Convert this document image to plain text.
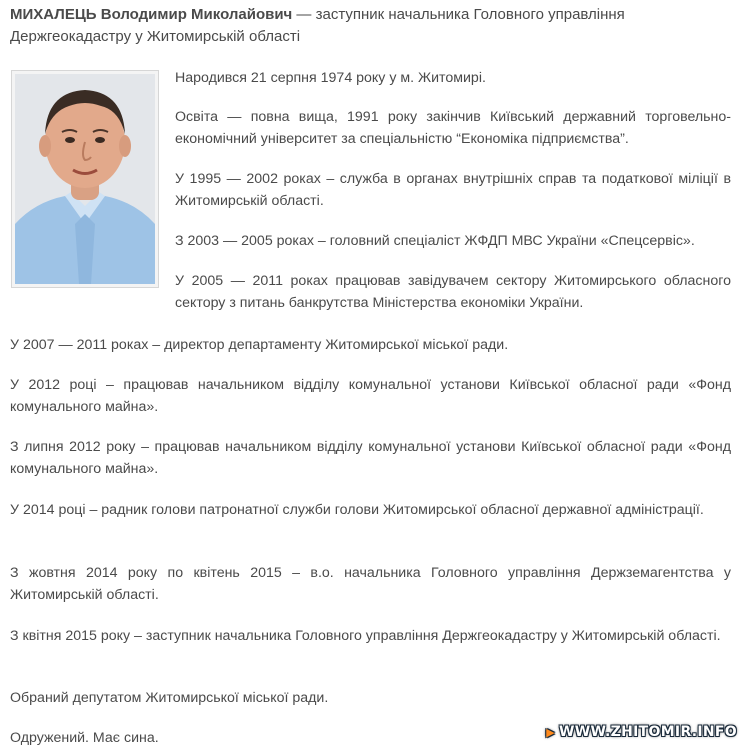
МИХАЛЕЦЬ Володимир Миколайович — заступник начальника Головного управління Держгеокадастру у Житомирській області

Народився 21 серпня 1974 року у м. Житомирі.

Освіта — повна вища, 1991 року закінчив Київський державний торговельно-економічний університет за спеціальністю “Економіка підприємства”.

У 1995 — 2002 роках – служба в органах внутрішніх справ та податкової міліції в Житомирській області.

З 2003 — 2005 роках – головний спеціаліст ЖФДП МВС України «Спецсервіс».

У 2005 — 2011 роках працював завідувачем сектору Житомирського обласного сектору з питань банкрутства Міністерства економіки України.

У 2007 — 2011 роках – директор департаменту Житомирської міської ради.

У 2012 році – працював начальником відділу комунальної установи Київської обласної ради «Фонд комунального майна».

З липня 2012 року – працював начальником відділу комунальної установи Київської обласної ради «Фонд комунального майна».

У 2014 році – радник голови патронатної служби голови Житомирської обласної державної адміністрації.

З жовтня 2014 року по квітень 2015 – в.о. начальника Головного управління Держземагентства у Житомирській області.

З квітня 2015 року – заступник начальника Головного управління Держгеокадастру у Житомирській області.

Обраний депутатом Житомирської міської ради.

Одружений. Має сина.	▶ WWW.ZHITOMIR.INFO
